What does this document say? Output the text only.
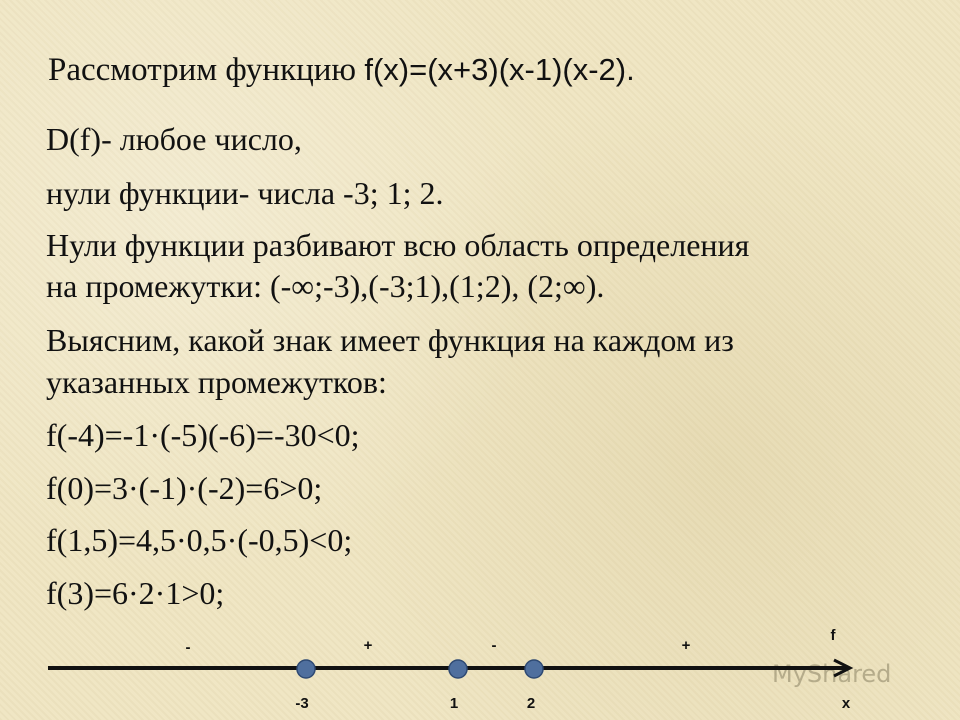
Рассмотрим функцию f(x)=(x+3)(x-1)(x-2).

D(f)- любое число,

нули функции- числа -3; 1; 2.

Нули функции разбивают всю область определения

на промежутки: (-∞;-3),(-3;1),(1;2), (2;∞).

Выясним, какой знак имеет функция на каждом из

указанных промежутков:

f(-4)=-1·(-5)(-6)=-30<0;

f(0)=3·(-1)·(-2)=6>0;

f(1,5)=4,5·0,5·(-0,5)<0;

f(3)=6·2·1>0;

MyShared
-	+	-	+
-3	1	2
f
x
